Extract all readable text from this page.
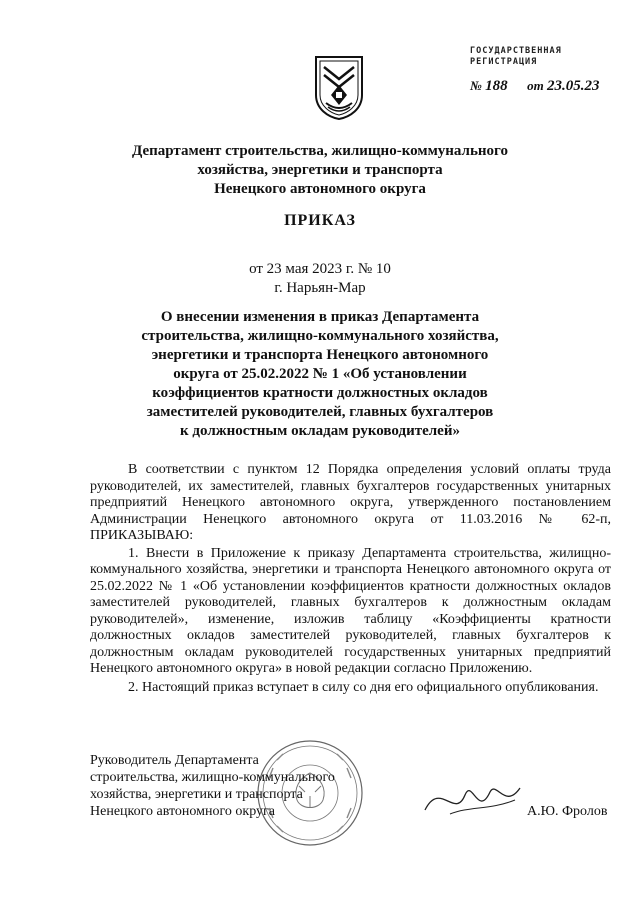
ГОСУДАРСТВЕННАЯ
РЕГИСТРАЦИЯ
№ 188 от 23.05.23
Департамент строительства, жилищно-коммунального
хозяйства, энергетики и транспорта
Ненецкого автономного округа
ПРИКАЗ
от 23 мая 2023 г. № 10
г. Нарьян-Мар
О внесении изменения в приказ Департамента
строительства, жилищно-коммунального хозяйства,
энергетики и транспорта Ненецкого автономного
округа от 25.02.2022 № 1 «Об установлении
коэффициентов кратности должностных окладов
заместителей руководителей, главных бухгалтеров
к должностным окладам руководителей»

В соответствии с пунктом 12 Порядка определения условий оплаты труда руководителей, их заместителей, главных бухгалтеров государственных унитарных предприятий Ненецкого автономного округа, утвержденного постановлением Администрации Ненецкого автономного округа от 11.03.2016 № 62-п, ПРИКАЗЫВАЮ:

1. Внести в Приложение к приказу Департамента строительства, жилищно-коммунального хозяйства, энергетики и транспорта Ненецкого автономного округа от 25.02.2022 № 1 «Об установлении коэффициентов кратности должностных окладов заместителей руководителей, главных бухгалтеров к должностным окладам руководителей», изменение, изложив таблицу «Коэффициенты кратности должностных окладов заместителей руководителей, главных бухгалтеров к должностным окладам руководителей государственных унитарных предприятий Ненецкого автономного округа» в новой редакции согласно Приложению.

2. Настоящий приказ вступает в силу со дня его официального опубликования.

Руководитель Департамента
строительства, жилищно-коммунального
хозяйства, энергетики и транспорта
Ненецкого автономного округа	А.Ю. Фролов
